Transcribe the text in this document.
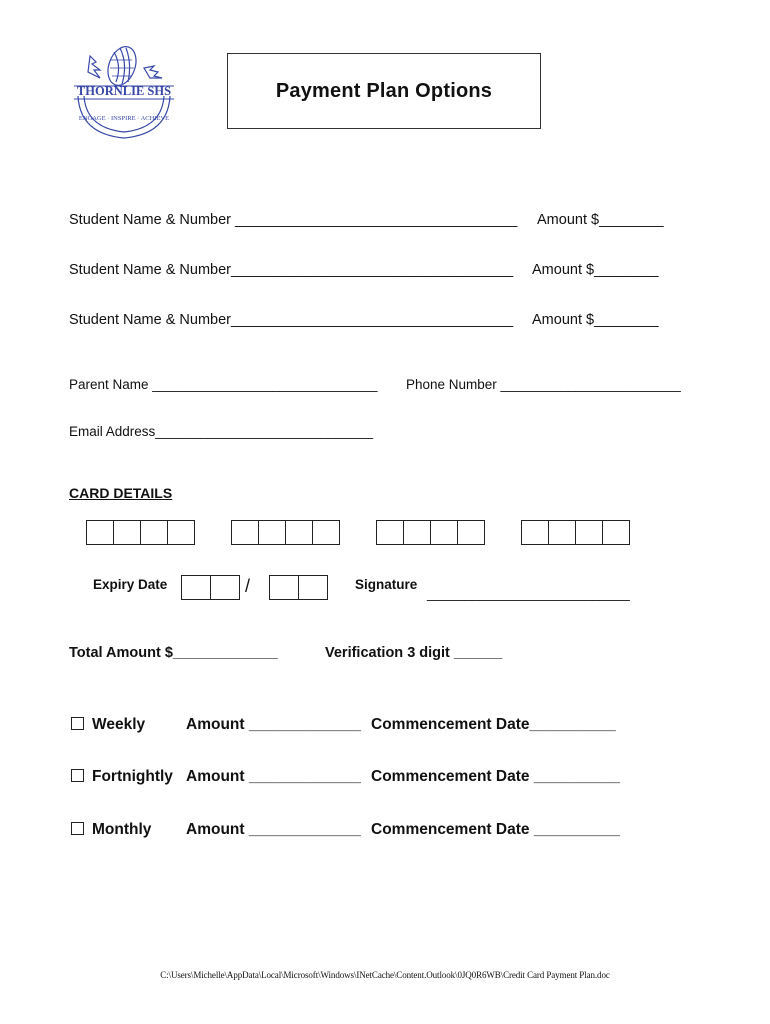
THORNLIE SHS
ENGAGE · INSPIRE · ACHIEVE
Payment Plan Options
Student Name & Number ___________________________________ Amount $________
Student Name & Number___________________________________ Amount $________
Student Name & Number___________________________________ Amount $________
Parent Name ______________________________ Phone Number ________________________
Email Address_____________________________
CARD DETAILS
Expiry Date	/	Signature
___________________________
Total Amount $_____________	Verification 3 digit ______
Weekly	Amount _____________ Commencement Date__________
Fortnightly Amount _____________ Commencement Date __________
Monthly Amount _____________ Commencement Date __________
C:\Users\Michelle\AppData\Local\Microsoft\Windows\INetCache\Content.Outlook\0JQ0R6WB\Credit Card Payment Plan.doc
